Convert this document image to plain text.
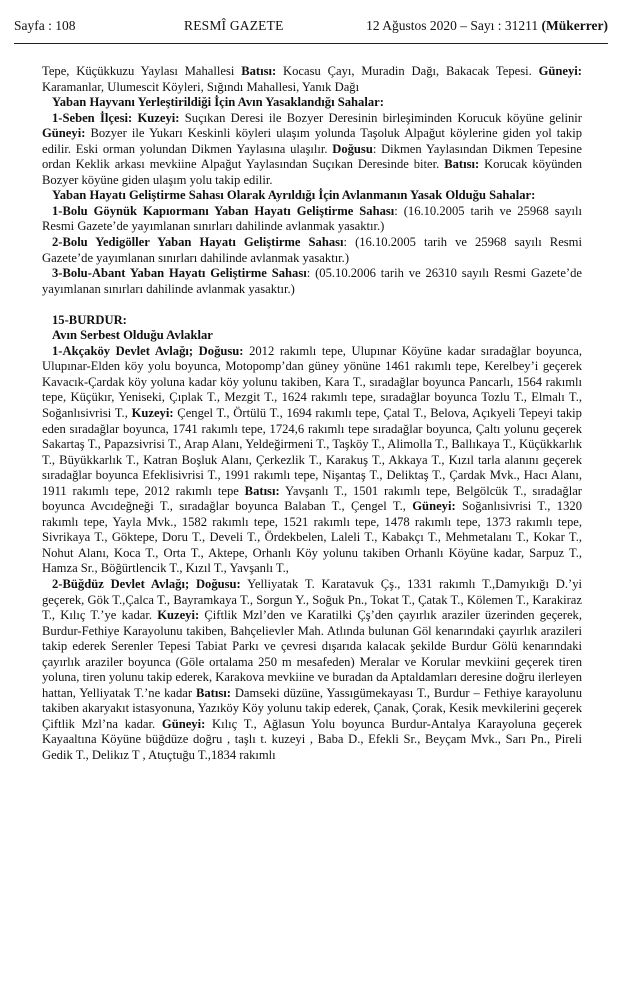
Sayfa : 108	RESMÎ GAZETE	12 Ağustos 2020 – Sayı : 31211 (Mükerrer)

Tepe, Küçükkuzu Yaylası Mahallesi Batısı: Kocasu Çayı, Muradin Dağı, Bakacak Tepesi. Güneyi: Karamanlar, Ulumescit Köyleri, Sığındı Mahallesi, Yanık Dağı

Yaban Hayvanı Yerleştirildiği İçin Avın Yasaklandığı Sahalar:

1-Seben İlçesi: Kuzeyi: Suçıkan Deresi ile Bozyer Deresinin birleşiminden Korucuk köyüne gelinir Güneyi: Bozyer ile Yukarı Keskinli köyleri ulaşım yolunda Taşoluk Alpağut köylerine giden yol takip edilir. Eski orman yolundan Dikmen Yaylasına ulaşılır. Doğusu: Dikmen Yaylasından Dikmen Tepesine ordan Keklik arkası mevkiine Alpağut Yaylasından Suçıkan Deresinde biter. Batısı: Korucak köyünden Bozyer köyüne giden ulaşım yolu takip edilir.

Yaban Hayatı Geliştirme Sahası Olarak Ayrıldığı İçin Avlanmanın Yasak Olduğu Sahalar:

1-Bolu Göynük Kapıormanı Yaban Hayatı Geliştirme Sahası: (16.10.2005 tarih ve 25968 sayılı Resmi Gazete’de yayımlanan sınırları dahilinde avlanmak yasaktır.)

2-Bolu Yedigöller Yaban Hayatı Geliştirme Sahası: (16.10.2005 tarih ve 25968 sayılı Resmi Gazete’de yayımlanan sınırları dahilinde avlanmak yasaktır.)

3-Bolu-Abant Yaban Hayatı Geliştirme Sahası: (05.10.2006 tarih ve 26310 sayılı Resmi Gazete’de yayımlanan sınırları dahilinde avlanmak yasaktır.)

15-BURDUR:

Avın Serbest Olduğu Avlaklar

1-Akçaköy Devlet Avlağı; Doğusu: 2012 rakımlı tepe, Ulupınar Köyüne kadar sıradağlar boyunca, Ulupınar-Elden köy yolu boyunca, Motopomp’dan güney yönüne 1461 rakımlı tepe, Kerelbey’i geçerek Kavacık-Çardak köy yoluna kadar köy yolunu takiben, Kara T., sıradağlar boyunca Pancarlı, 1564 rakımlı tepe, Küçükır, Yeniseki, Çıplak T., Mezgit T., 1624 rakımlı tepe, sıradağlar boyunca Tozlu T., Elmalı T., Soğanlısivrisi T., Kuzeyi: Çengel T., Örtülü T., 1694 rakımlı tepe, Çatal T., Belova, Açıkyeli Tepeyi takip eden sıradağlar boyunca, 1741 rakımlı tepe, 1724,6 rakımlı tepe sıradağlar boyunca, Çaltı yolunu geçerek Sakartaş T., Papazsivrisi T., Arap Alanı, Yeldeğirmeni T., Taşköy T., Alimolla T., Ballıkaya T., Küçükkarlık T., Büyükkarlık T., Katran Boşluk Alanı, Çerkezlik T., Karakuş T., Akkaya T., Kızıl tarla alanını geçerek sıradağlar boyunca Efeklisivrisi T., 1991 rakımlı tepe, Nişantaş T., Deliktaş T., Çardak Mvk., Hacı Alanı, 1911 rakımlı tepe, 2012 rakımlı tepe Batısı: Yavşanlı T., 1501 rakımlı tepe, Belgölcük T., sıradağlar boyunca Avcıdeğneği T., sıradağlar boyunca Balaban T., Çengel T., Güneyi: Soğanlısivrisi T., 1320 rakımlı tepe, Yayla Mvk., 1582 rakımlı tepe, 1521 rakımlı tepe, 1478 rakımlı tepe, 1373 rakımlı tepe, Sivrikaya T., Göktepe, Doru T., Develi T., Ördekbelen, Laleli T., Kabakçı T., Mehmetalanı T., Kokar T., Nohut Alanı, Koca T., Orta T., Aktepe, Orhanlı Köy yolunu takiben Orhanlı Köyüne kadar, Sarpuz T., Hamza Sr., Böğürtlencik T., Kızıl T., Yavşanlı T.,

2-Büğdüz Devlet Avlağı; Doğusu: Yelliyatak T. Karatavuk Çş., 1331 rakımlı T.,Damyıkığı D.’yi geçerek, Gök T.,Çalca T., Bayramkaya T., Sorgun Y., Soğuk Pn., Tokat T., Çatak T., Kölemen T., Karakiraz T., Kılıç T.’ye kadar. Kuzeyi: Çiftlik Mzl’den ve Karatilki Çş’den çayırlık araziler üzerinden geçerek, Burdur-Fethiye Karayolunu takiben, Bahçelievler Mah. Atlında bulunan Göl kenarındaki çayırlık arazileri takip ederek Serenler Tepesi Tabiat Parkı ve çevresi dışarıda kalacak şekilde Burdur Gölü kenarındaki çayırlık araziler boyunca (Göle ortalama 250 m mesafeden) Meralar ve Korular mevkiini geçerek tiren yoluna, tiren yolunu takip ederek, Karakova mevkiine ve buradan da Aptaldamları deresine doğru ilerleyen hattan, Yelliyatak T.’ne kadar Batısı: Damseki düzüne, Yassıgümekayası T., Burdur – Fethiye karayolunu takiben akaryakıt istasyonuna, Yazıköy Köy yolunu takip ederek, Çanak, Çorak, Kesik mevkilerini geçerek Çiftlik Mzl’na kadar. Güneyi: Kılıç T., Ağlasun Yolu boyunca Burdur-Antalya Karayoluna geçerek Kayaaltına Köyüne büğdüze doğru , taşlı t. kuzeyi , Baba D., Efekli Sr., Beyçam Mvk., Sarı Pn., Pireli Gedik T., Delikız T , Atuçtuğu T.,1834 rakımlı
